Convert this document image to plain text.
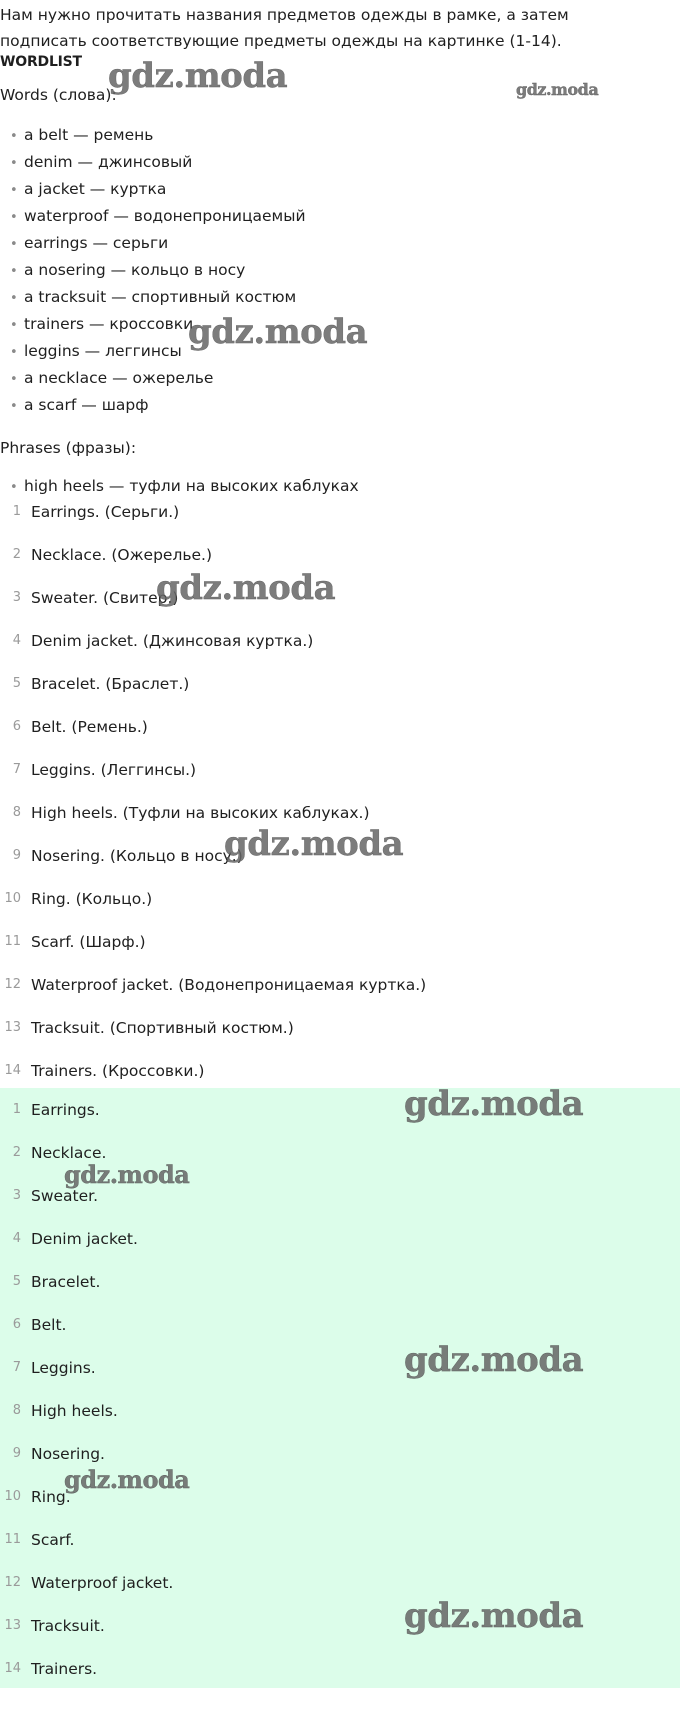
Нам нужно прочитать названия предметов одежды в рамке, а затем подписать соответствующие предметы одежды на картинке (1-14).

WORDLIST
Words (слова):
• a belt — ремень
• denim — джинсовый
• a jacket — куртка
• waterproof — водонепроницаемый
• earrings — серьги
• a nosering — кольцо в носу
• a tracksuit — спортивный костюм
• trainers — кроссовки
• leggins — леггинсы
• a necklace — ожерелье
• a scarf — шарф
Phrases (фразы):
• high heels — туфли на высоких каблуках
1 Earrings. (Серьги.)
2 Necklace. (Ожерелье.)
3 Sweater. (Свитер.)
4 Denim jacket. (Джинсовая куртка.)
5 Bracelet. (Браслет.)
6 Belt. (Ремень.)
7 Leggins. (Леггинсы.)
8 High heels. (Туфли на высоких каблуках.)
9 Nosering. (Кольцо в носу.)
10 Ring. (Кольцо.)
11 Scarf. (Шарф.)
12 Waterproof jacket. (Водонепроницаемая куртка.)
13 Tracksuit. (Спортивный костюм.)
14 Trainers. (Кроссовки.)
1 Earrings.
2 Necklace.
3 Sweater.
4 Denim jacket.
5 Bracelet.
6 Belt.
7 Leggins.
8 High heels.
9 Nosering.
10 Ring.
11 Scarf.
12 Waterproof jacket.
13 Tracksuit.
14 Trainers.
gdz.moda	gdz.moda
gdz.moda
gdz.moda
gdz.moda
gdz.moda
gdz.moda
gdz.moda
gdz.moda
gdz.moda
